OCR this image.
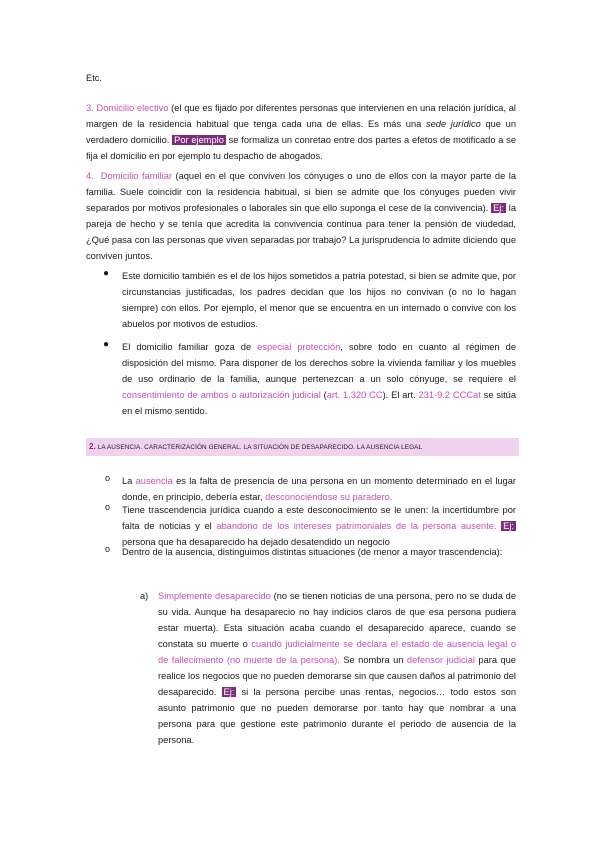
Etc.
3. Domicilio electivo (el que es fijado por diferentes personas que intervienen en una relación jurídica, al margen de la residencia habitual que tenga cada una de ellas. Es más una sede jurídico que un verdadero domicilio. Por ejemplo se formaliza un conretao entre dos partes a efetos de motificado a se fija el domicilio en por ejemplo tu despacho de abogados.
4. Domicilio familiar (aquel en el que conviven los cónyuges o uno de ellos con la mayor parte de la familia. Suele coincidir con la residencia habitual, si bien se admite que los cónyuges pueden vivir separados por motivos profesionales o laborales sin que ello suponga el cese de la convivencia). Ej: la pareja de hecho y se tenía que acredita la convivencia continua para tener la pensión de viudedad, ¿Qué pasa con las personas que viven separadas por trabajo? La jurisprudencia lo admite diciendo que conviven juntos.
● Este domicilio también es el de los hijos sometidos a patria potestad, si bien se admite que, por circunstancias justificadas, los padres decidan que los hijos no convivan (o no lo hagan siempre) con ellos. Por ejemplo, el menor que se encuentra en un internado o convive con los abuelos por motivos de estudios.
● El domicilio familiar goza de especial protección, sobre todo en cuanto al régimen de disposición del mismo. Para disponer de los derechos sobre la vivienda familiar y los muebles de uso ordinario de la familia, aunque pertenezcan a un solo cónyuge, se requiere el consentimiento de ambos o autorización judicial (art. 1.320 CC). El art. 231-9.2 CCCat se sitúa en el mismo sentido.
2. LA AUSENCIA. CARACTERIZACIÓN GENERAL. LA SITUACIÓN DE DESAPARECIDO. LA AUSENCIA LEGAL
o La ausencia es la falta de presencia de una persona en un momento determinado en el lugar donde, en principio, debería estar, desconociéndose su paradero.
o Tiene trascendencia jurídica cuando a este desconocimiento se le unen: la incertidumbre por falta de noticias y el abandono de los intereses patrimoniales de la persona ausente. Ej: persona que ha desaparecido ha dejado desatendido un negocio
o Dentro de la ausencia, distinguimos distintas situaciones (de menor a mayor trascendencia):
a) Simplemente desaparecido (no se tienen noticias de una persona, pero no se duda de su vida. Aunque ha desaparecio no hay indicios claros de que esa persona pudiera estar muerta). Esta situación acaba cuando el desaparecido aparece, cuando se constata su muerte o cuando judicialmente se declara el estado de ausencia legal o de fallecimiento (no muerte de la persona). Se nombra un defensor judicial para que realice los negocios que no pueden demorarse sin que causen daños al patrimonio del desaparecido. Ej: si la persona percibe unas rentas, negocios… todo estos son asunto patrimonio que no pueden demorarse por tanto hay que nombrar a una persona para que gestione este patrimonio durante el periodo de ausencia de la persona.
